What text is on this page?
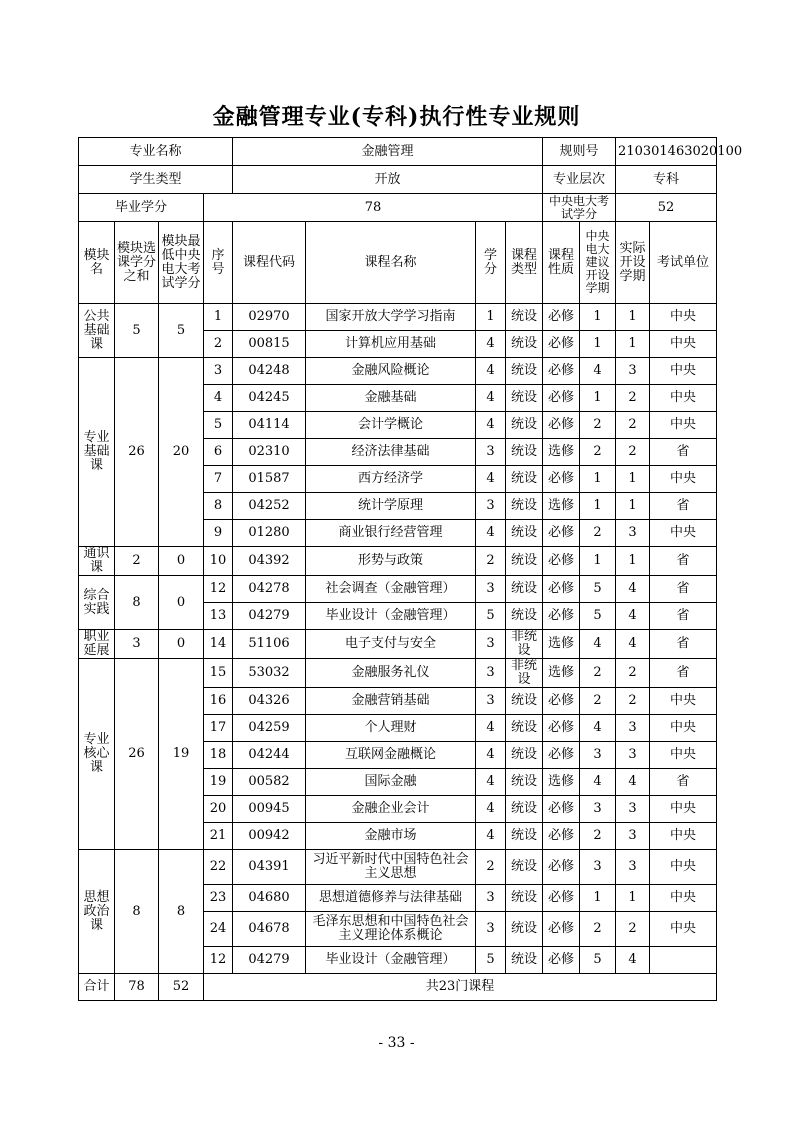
金融管理专业(专科)执行性专业规则
专业名称				金融管理				规则号		210301463020100	
学生类型				开放				专业层次		专科	
毕业学分			78					中央电大考试学分		52	
模块名	模块选课学分之和	模块最低中央电大考试学分	序号	课程代码	课程名称	学分	课程类型	课程性质	中央电大建议开设学期	实际开设学期	考试单位
公共基础课	5	5	1	02970	国家开放大学学习指南	1	统设	必修	1	1	中央
			2	00815	计算机应用基础	4	统设	必修	1	1	中央
专业基础课	26	20	3	04248	金融风险概论	4	统设	必修	4	3	中央
			4	04245	金融基础	4	统设	必修	1	2	中央
			5	04114	会计学概论	4	统设	必修	2	2	中央
			6	02310	经济法律基础	3	统设	选修	2	2	省
			7	01587	西方经济学	4	统设	必修	1	1	中央
			8	04252	统计学原理	3	统设	选修	1	1	省
			9	01280	商业银行经营管理	4	统设	必修	2	3	中央
通识课	2	0	10	04392	形势与政策	2	统设	必修	1	1	省
综合实践	8	0	12	04278	社会调查（金融管理）	3	统设	必修	5	4	省
			13	04279	毕业设计（金融管理）	5	统设	必修	5	4	省
职业延展	3	0	14	51106	电子支付与安全	3	非统设	选修	4	4	省
专业核心课	26	19	15	53032	金融服务礼仪	3	非统设	选修	2	2	省
			16	04326	金融营销基础	3	统设	必修	2	2	中央
			17	04259	个人理财	4	统设	必修	4	3	中央
			18	04244	互联网金融概论	4	统设	必修	3	3	中央
			19	00582	国际金融	4	统设	选修	4	4	省
			20	00945	金融企业会计	4	统设	必修	3	3	中央
			21	00942	金融市场	4	统设	必修	2	3	中央
思想政治课	8	8	22	04391	习近平新时代中国特色社会主义思想	2	统设	必修	3	3	中央
			23	04680	思想道德修养与法律基础	3	统设	必修	1	1	中央
			24	04678	毛泽东思想和中国特色社会主义理论体系概论	3	统设	必修	2	2	中央
			12	04279	毕业设计（金融管理）	5	统设	必修	5	4	
合计	78	52	共23门课程								
- 33 -
